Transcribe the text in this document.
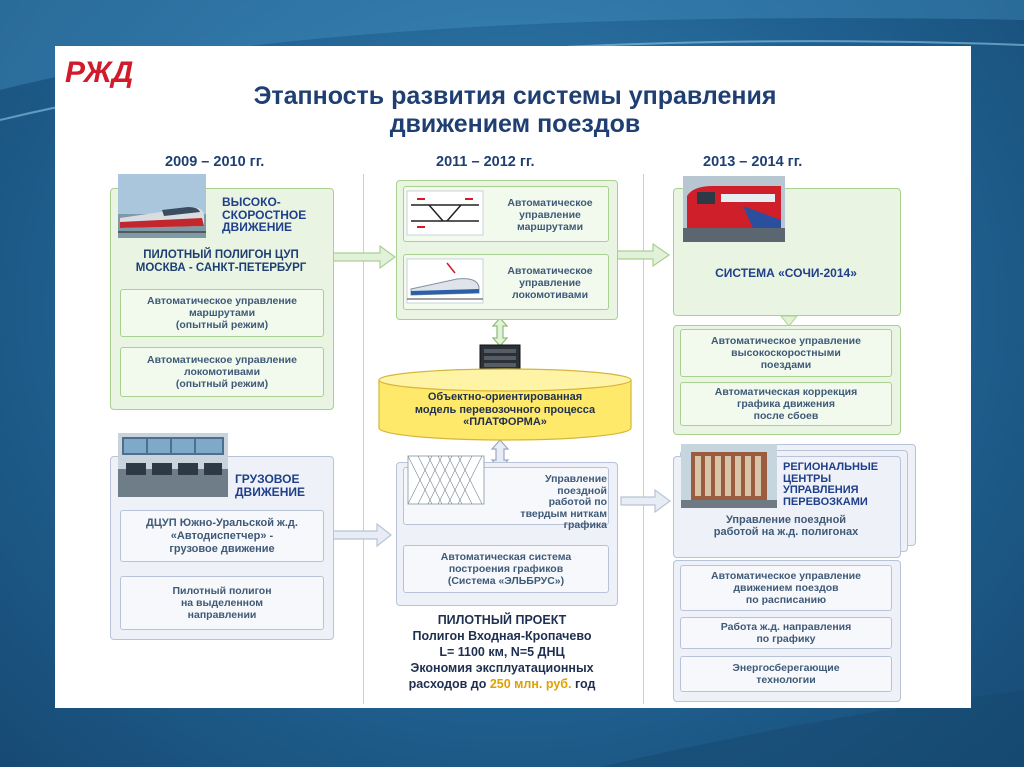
РЖД
Этапность развития системы управления
движением поездов
2009 – 2010 гг.	2011 – 2012 гг.	2013 – 2014 гг.
ВЫСОКО-
СКОРОСТНОЕ
ДВИЖЕНИЕ
ПИЛОТНЫЙ ПОЛИГОН ЦУП
МОСКВА - САНКТ-ПЕТЕРБУРГ
Автоматическое управление
маршрутами
(опытный режим)
Автоматическое управление
локомотивами
(опытный режим)
ГРУЗОВОЕ
ДВИЖЕНИЕ
ДЦУП Южно-Уральской ж.д.
«Автодиспетчер» -
грузовое движение
Пилотный полигон
на выделенном
направлении
Автоматическое
управление
маршрутами
Автоматическое
управление
локомотивами
Объектно-ориентированная
модель перевозочного процесса
«ПЛАТФОРМА»
Управление
поездной
работой по
твердым ниткам графика
Автоматическая система
построения графиков
(Система «ЭЛЬБРУС»)
ПИЛОТНЫЙ ПРОЕКТ
Полигон Входная-Кропачево
L= 1100 км, N=5 ДНЦ
Экономия эксплуатационных
расходов до 250 млн. руб. год
СИСТЕМА «СОЧИ-2014»
Автоматическое управление
высокоскоростными
поездами
Автоматическая коррекция
графика движения
после сбоев
РЕГИОНАЛЬНЫЕ
ЦЕНТРЫ
УПРАВЛЕНИЯ
ПЕРЕВОЗКАМИ
Управление поездной
работой на ж.д. полигонах
Автоматическое управление
движением поездов
по расписанию
Работа ж.д. направления
по графику
Энергосберегающие
технологии
